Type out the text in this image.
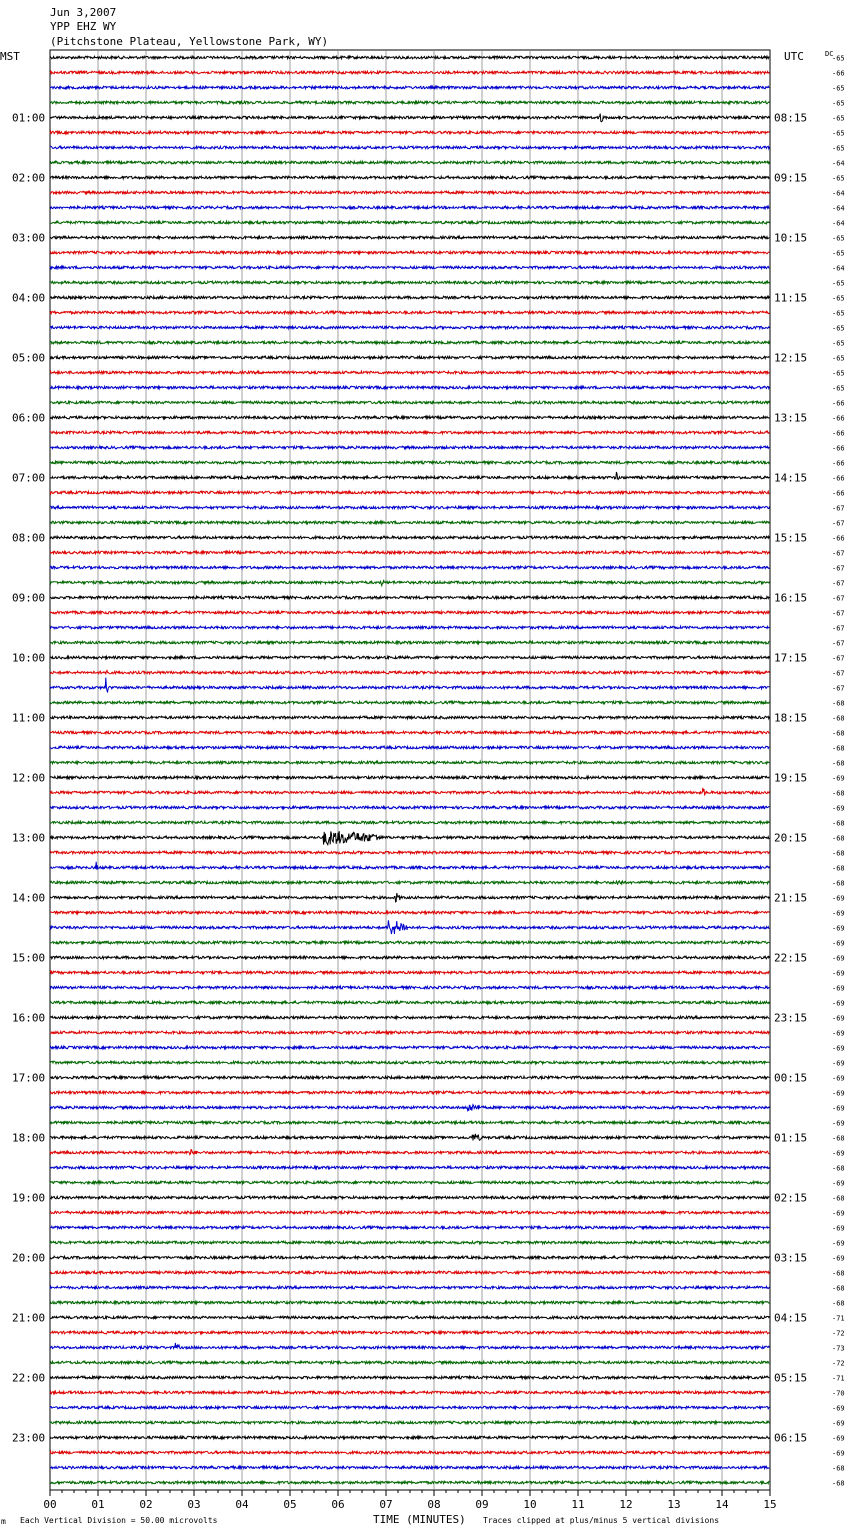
Jun 3,2007
YPP EHZ WY
(Pitchstone Plateau, Yellowstone Park, WY)
MST	UTC	DC
01:00
02:00
03:00
04:00
05:00
06:00
07:00
08:00
09:00
10:00
11:00
12:00
13:00
14:00
15:00
16:00
17:00
18:00
19:00
20:00
21:00
22:00
23:00
08:15
09:15
10:15
11:15
12:15
13:15
14:15
15:15
16:15
17:15
18:15
19:15
20:15
21:15
22:15
23:15
00:15
01:15
02:15
03:15
04:15
05:15
06:15
-65
-66
-65
-65
-65
-65
-65
-64
-65
-64
-64
-64
-65
-65
-64
-65
-65
-65
-65
-65
-65
-65
-65
-66
-66
-66
-66
-66
-66
-66
-67
-67
-66
-67
-67
-67
-67
-67
-67
-67
-67
-67
-67
-68
-68
-68
-68
-68
-69
-68
-69
-68
-68
-68
-68
-68
-69
-69
-69
-69
-69
-69
-69
-69
-69
-69
-69
-69
-69
-69
-69
-69
-68
-69
-68
-69
-68
-69
-69
-69
-69
-68
-68
-68
-71
-72
-73
-72
-71
-70
-69
-69
-69
-69
-68
-68
00	01	02	03	04	05	06	07	08	09	10	11	12	13	14	15
m Each Vertical Division = 50.00 microvolts	TIME (MINUTES) Traces clipped at plus/minus 5 vertical divisions
